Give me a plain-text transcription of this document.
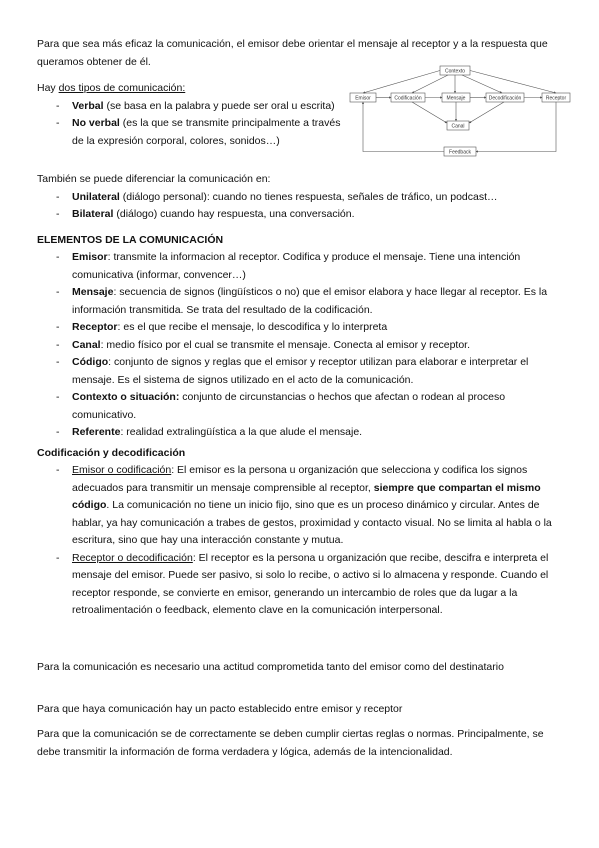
Para que sea más eficaz la comunicación, el emisor debe orientar el mensaje al receptor y a la respuesta que queramos obtener de él.

Hay dos tipos de comunicación:

- Verbal (se basa en la palabra y puede ser oral u escrita)
- No verbal (es la que se transmite principalmente a través de la expresión corporal, colores, sonidos…)
Contexto
Emisor	Codificación	Mensaje	Decodificación	Receptor
Canal
Feedback

También se puede diferenciar la comunicación en:

- Unilateral (diálogo personal): cuando no tienes respuesta, señales de tráfico, un podcast…
- Bilateral (diálogo) cuando hay respuesta, una conversación.

ELEMENTOS DE LA COMUNICACIÓN

- Emisor: transmite la informacion al receptor. Codifica y produce el mensaje. Tiene una intención comunicativa (informar, convencer…)
- Mensaje: secuencia de signos (lingüísticos o no) que el emisor elabora y hace llegar al receptor. Es la información transmitida. Se trata del resultado de la codificación.
- Receptor: es el que recibe el mensaje, lo descodifica y lo interpreta
- Canal: medio físico por el cual se transmite el mensaje. Conecta al emisor y receptor.
- Código: conjunto de signos y reglas que el emisor y receptor utilizan para elaborar e interpretar el mensaje. Es el sistema de signos utilizado en el acto de la comunicación.
- Contexto o situación: conjunto de circunstancias o hechos que afectan o rodean al proceso comunicativo.
- Referente: realidad extralingüística a la que alude el mensaje.

Codificación y decodificación

- Emisor o codificación: El emisor es la persona u organización que selecciona y codifica los signos adecuados para transmitir un mensaje comprensible al receptor, siempre que compartan el mismo código. La comunicación no tiene un inicio fijo, sino que es un proceso dinámico y circular. Antes de hablar, ya hay comunicación a trabes de gestos, proximidad y contacto visual. No se limita al habla o la escritura, sino que hay una interacción constante y mutua.
- Receptor o decodificación: El receptor es la persona u organización que recibe, descifra e interpreta el mensaje del emisor. Puede ser pasivo, si solo lo recibe, o activo si lo almacena y responde. Cuando el receptor responde, se convierte en emisor, generando un intercambio de roles que da lugar a la retroalimentación o feedback, elemento clave en la comunicación interpersonal.

Para la comunicación es necesario una actitud comprometida tanto del emisor como del destinatario

Para que haya comunicación hay un pacto establecido entre emisor y receptor

Para que la comunicación se de correctamente se deben cumplir ciertas reglas o normas. Principalmente, se debe transmitir la información de forma verdadera y lógica, además de la intencionalidad.
